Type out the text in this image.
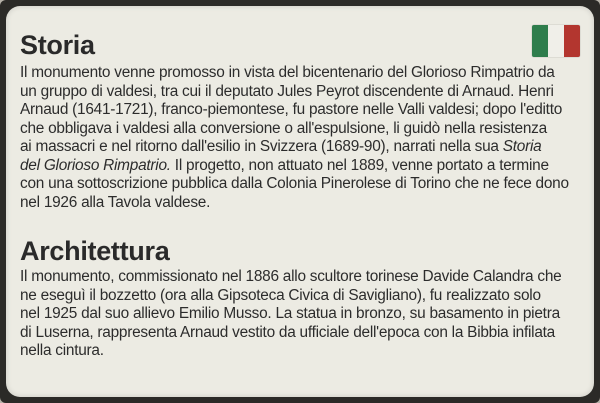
Storia
Il monumento venne promosso in vista del bicentenario del Glorioso Rimpatrio da
un gruppo di valdesi, tra cui il deputato Jules Peyrot discendente di Arnaud. Henri
Arnaud (1641-1721), franco-piemontese, fu pastore nelle Valli valdesi; dopo l'editto
che obbligava i valdesi alla conversione o all'espulsione, li guidò nella resistenza
ai massacri e nel ritorno dall'esilio in Svizzera (1689-90), narrati nella sua Storia
del Glorioso Rimpatrio. Il progetto, non attuato nel 1889, venne portato a termine
con una sottoscrizione pubblica dalla Colonia Pinerolese di Torino che ne fece dono
nel 1926 alla Tavola valdese.
Architettura
Il monumento, commissionato nel 1886 allo scultore torinese Davide Calandra che
ne eseguì il bozzetto (ora alla Gipsoteca Civica di Savigliano), fu realizzato solo
nel 1925 dal suo allievo Emilio Musso. La statua in bronzo, su basamento in pietra
di Luserna, rappresenta Arnaud vestito da ufficiale dell'epoca con la Bibbia infilata
nella cintura.
